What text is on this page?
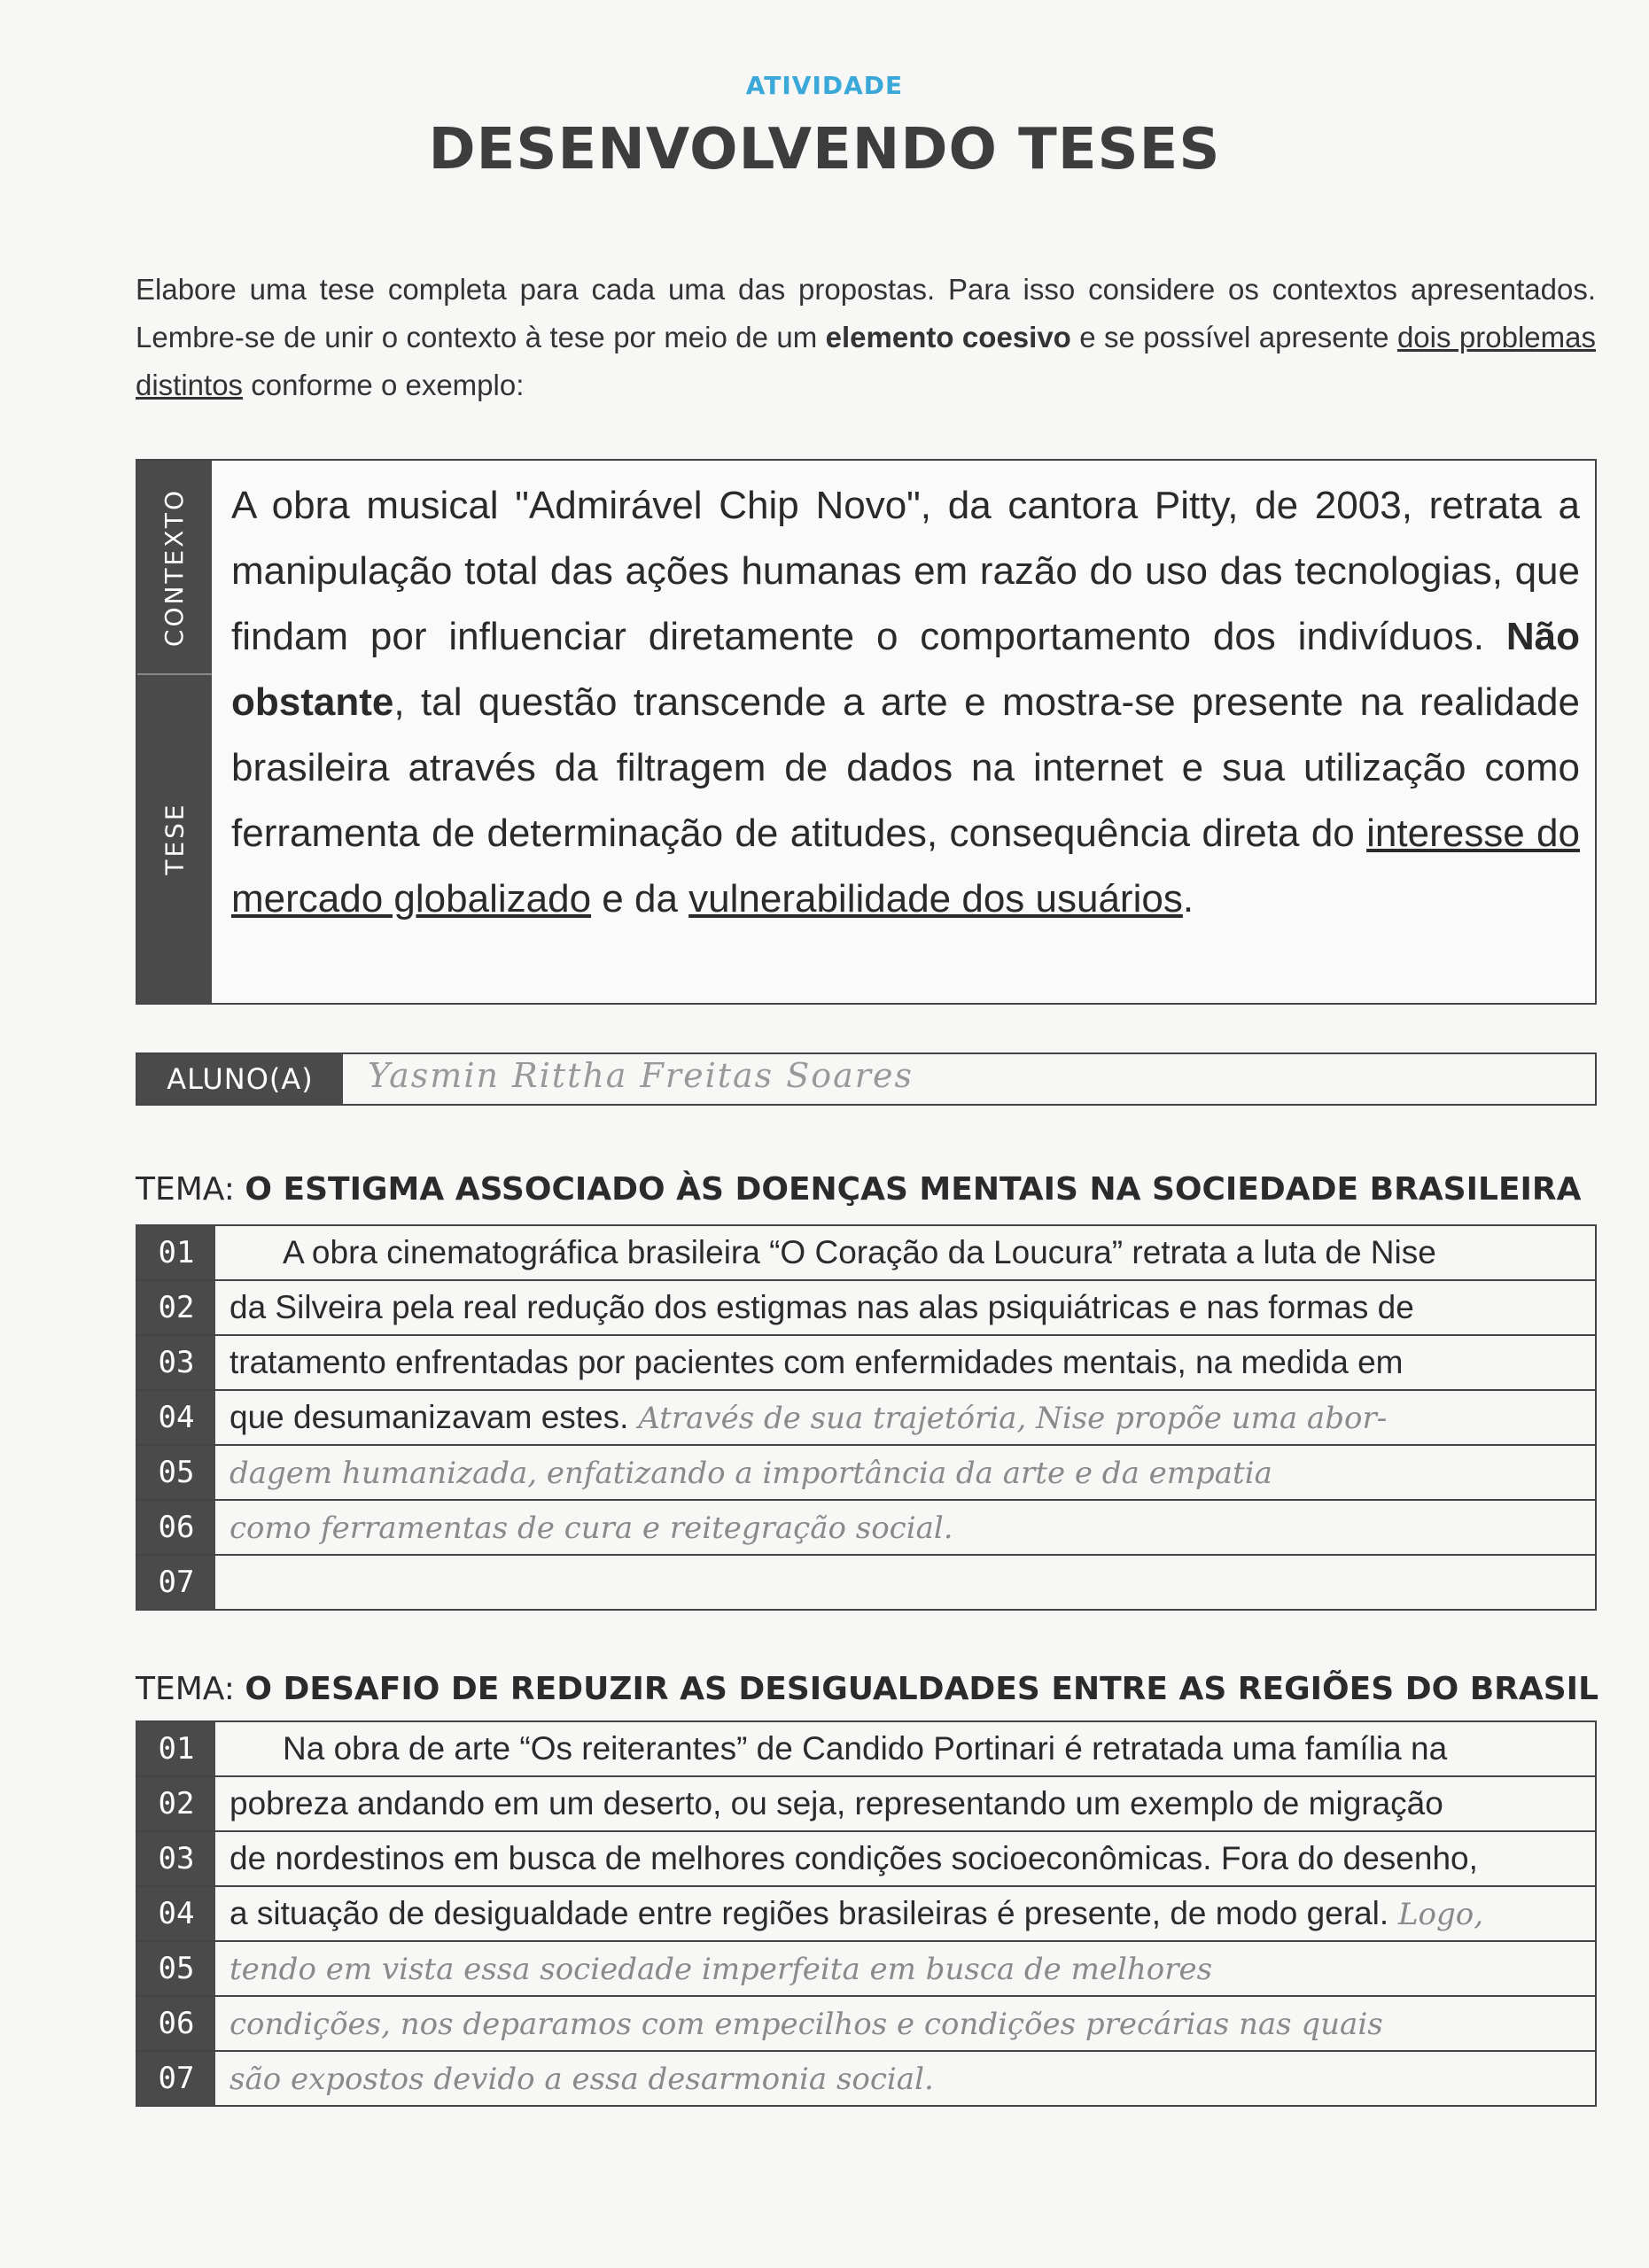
ATIVIDADE
DESENVOLVENDO TESES
Elabore uma tese completa para cada uma das propostas. Para isso considere os contextos apresentados. Lembre-se de unir o contexto à tese por meio de um elemento coesivo e se possível apresente dois problemas distintos conforme o exemplo:
CONTEXTO
TESE
A obra musical "Admirável Chip Novo", da cantora Pitty, de 2003, retrata a manipulação total das ações humanas em razão do uso das tecnologias, que findam por influenciar diretamente o comportamento dos indivíduos. Não obstante, tal questão transcende a arte e mostra-se presente na realidade brasileira através da filtragem de dados na internet e sua utilização como ferramenta de determinação de atitudes, consequência direta do interesse do mercado globalizado e da vulnerabilidade dos usuários.
ALUNO(A)	Yasmin Rittha Freitas Soares
TEMA: O ESTIGMA ASSOCIADO ÀS DOENÇAS MENTAIS NA SOCIEDADE BRASILEIRA
01	A obra cinematográfica brasileira “O Coração da Loucura” retrata a luta de Nise
02	da Silveira pela real redução dos estigmas nas alas psiquiátricas e nas formas de
03	tratamento enfrentadas por pacientes com enfermidades mentais, na medida em
04	que desumanizavam estes. Através de sua trajetória, Nise propõe uma abor-
05	dagem humanizada, enfatizando a importância da arte e da empatia
06	como ferramentas de cura e reitegração social.
07
TEMA: O DESAFIO DE REDUZIR AS DESIGUALDADES ENTRE AS REGIÕES DO BRASIL
01	Na obra de arte “Os reiterantes” de Candido Portinari é retratada uma família na
02	pobreza andando em um deserto, ou seja, representando um exemplo de migração
03	de nordestinos em busca de melhores condições socioeconômicas. Fora do desenho,
04	a situação de desigualdade entre regiões brasileiras é presente, de modo geral. Logo,
05	tendo em vista essa sociedade imperfeita em busca de melhores
06	condições, nos deparamos com empecilhos e condições precárias nas quais
07	são expostos devido a essa desarmonia social.
